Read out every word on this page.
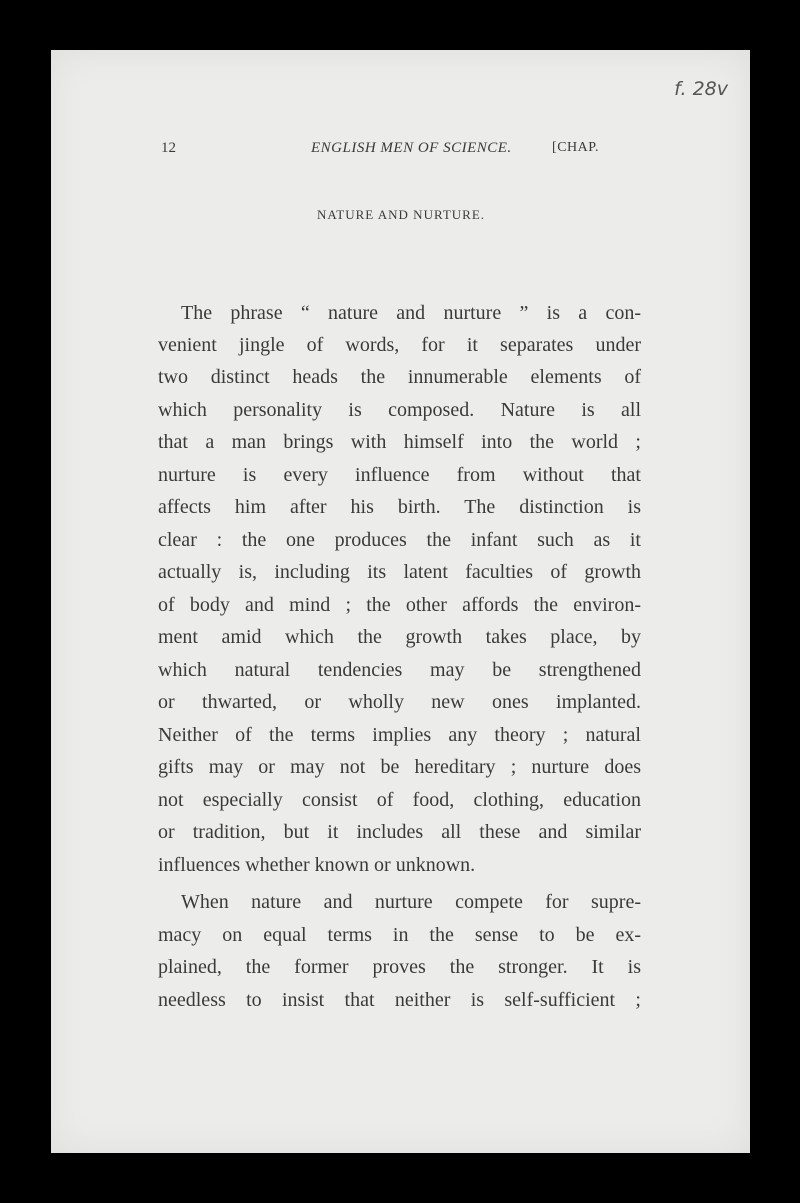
f. 28v
12	ENGLISH MEN OF SCIENCE.	[CHAP.
NATURE AND NURTURE.
The phrase “ nature and nurture ” is a con-
venient jingle of words, for it separates under
two distinct heads the innumerable elements of
which personality is composed. Nature is all
that a man brings with himself into the world ;
nurture is every influence from without that
affects him after his birth. The distinction is
clear : the one produces the infant such as it
actually is, including its latent faculties of growth
of body and mind ; the other affords the environ-
ment amid which the growth takes place, by
which natural tendencies may be strengthened
or thwarted, or wholly new ones implanted.
Neither of the terms implies any theory ; natural
gifts may or may not be hereditary ; nurture does
not especially consist of food, clothing, education
or tradition, but it includes all these and similar
influences whether known or unknown.
When nature and nurture compete for supre-
macy on equal terms in the sense to be ex-
plained, the former proves the stronger. It is
needless to insist that neither is self-sufficient ;
